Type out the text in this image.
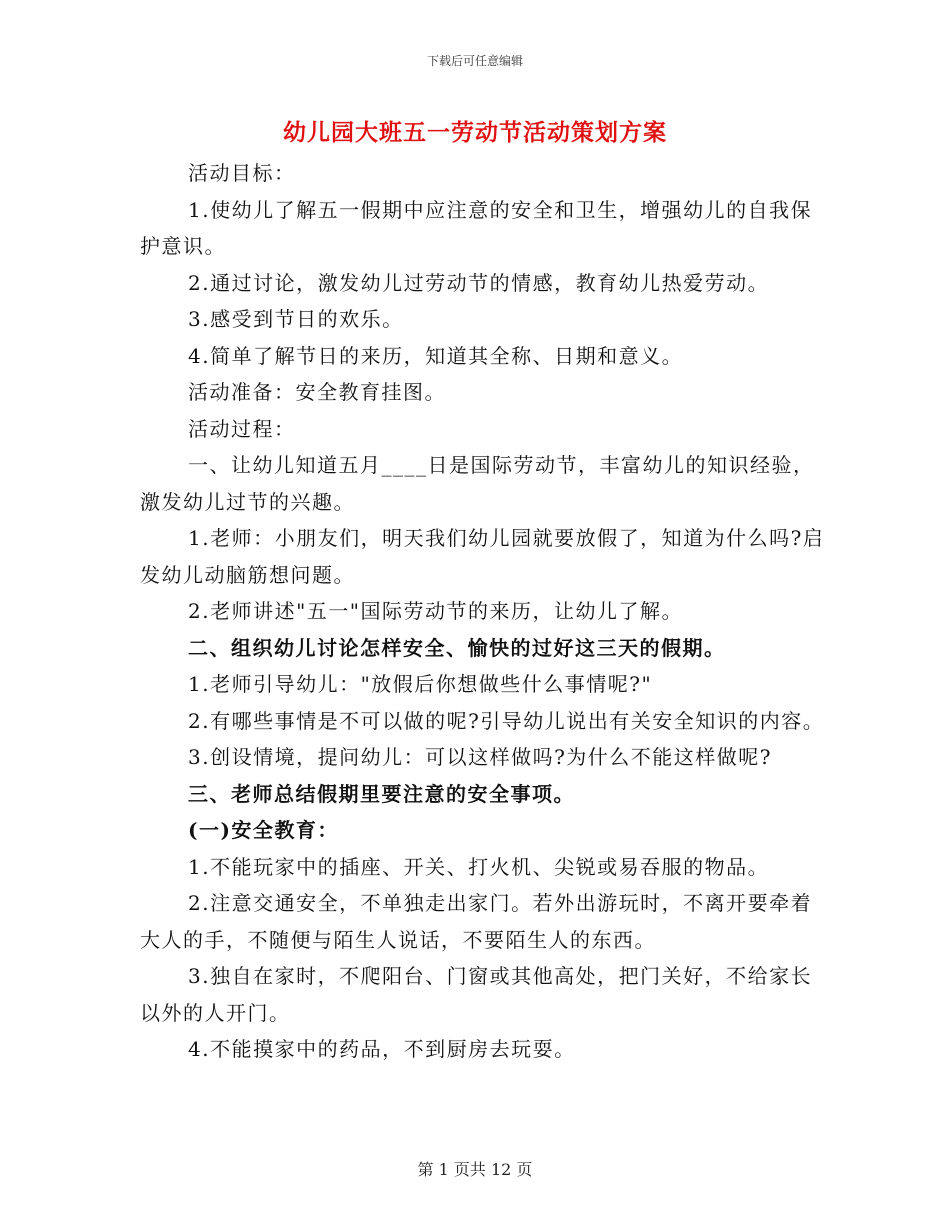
下载后可任意编辑
幼儿园大班五一劳动节活动策划方案

活动目标：

1.使幼儿了解五一假期中应注意的安全和卫生，增强幼儿的自我保护意识。

2.通过讨论，激发幼儿过劳动节的情感，教育幼儿热爱劳动。

3.感受到节日的欢乐。

4.简单了解节日的来历，知道其全称、日期和意义。

活动准备：安全教育挂图。

活动过程：

一、让幼儿知道五月____日是国际劳动节，丰富幼儿的知识经验，激发幼儿过节的兴趣。

1.老师：小朋友们，明天我们幼儿园就要放假了，知道为什么吗?启发幼儿动脑筋想问题。

2.老师讲述"五一"国际劳动节的来历，让幼儿了解。

二、组织幼儿讨论怎样安全、愉快的过好这三天的假期。

1.老师引导幼儿："放假后你想做些什么事情呢?"

2.有哪些事情是不可以做的呢?引导幼儿说出有关安全知识的内容。

3.创设情境，提问幼儿：可以这样做吗?为什么不能这样做呢?

三、老师总结假期里要注意的安全事项。

(一)安全教育：

1.不能玩家中的插座、开关、打火机、尖锐或易吞服的物品。

2.注意交通安全，不单独走出家门。若外出游玩时，不离开要牵着大人的手，不随便与陌生人说话，不要陌生人的东西。

3.独自在家时，不爬阳台、门窗或其他高处，把门关好，不给家长以外的人开门。

4.不能摸家中的药品，不到厨房去玩耍。

第 1 页共 12 页
